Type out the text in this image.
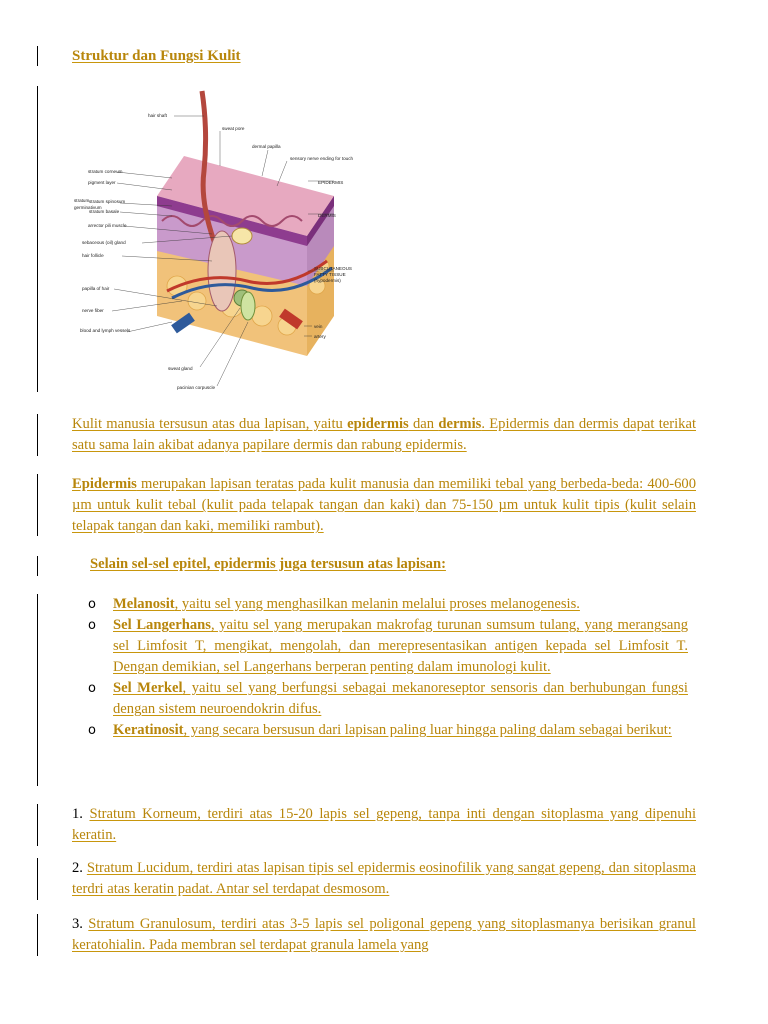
Struktur dan Fungsi Kulit
hair shaft
sweat pore
dermal papilla
sensory nerve ending for touch
stratum corneum
pigment layer
stratum
germinativum
stratum spinosum
stratum basale
arrector pili muscle
sebaceous (oil) gland
hair follicle
papilla of hair
nerve fiber
blood and lymph vessels
sweat gland
pacinian corpuscle
EPIDERMIS
DERMIS
SUBCUTANEOUS
FATTY TISSUE
(hypodermis)
vein
artery
Kulit manusia tersusun atas dua lapisan, yaitu epidermis dan dermis. Epidermis dan dermis dapat terikat satu sama lain akibat adanya papilare dermis dan rabung epidermis.
Epidermis merupakan lapisan teratas pada kulit manusia dan memiliki tebal yang berbeda-beda: 400-600 µm untuk kulit tebal (kulit pada telapak tangan dan kaki) dan 75-150 µm untuk kulit tipis (kulit selain telapak tangan dan kaki, memiliki rambut).
Selain sel-sel epitel, epidermis juga tersusun atas lapisan:
o Melanosit, yaitu sel yang menghasilkan melanin melalui proses melanogenesis.
o Sel Langerhans, yaitu sel yang merupakan makrofag turunan sumsum tulang, yang merangsang sel Limfosit T, mengikat, mengolah, dan merepresentasikan antigen kepada sel Limfosit T. Dengan demikian, sel Langerhans berperan penting dalam imunologi kulit.
o Sel Merkel, yaitu sel yang berfungsi sebagai mekanoreseptor sensoris dan berhubungan fungsi dengan sistem neuroendokrin difus.
o Keratinosit, yang secara bersusun dari lapisan paling luar hingga paling dalam sebagai berikut:
1. Stratum Korneum, terdiri atas 15-20 lapis sel gepeng, tanpa inti dengan sitoplasma yang dipenuhi keratin.
2. Stratum Lucidum, terdiri atas lapisan tipis sel epidermis eosinofilik yang sangat gepeng, dan sitoplasma terdri atas keratin padat. Antar sel terdapat desmosom.
3. Stratum Granulosum, terdiri atas 3-5 lapis sel poligonal gepeng yang sitoplasmanya berisikan granul keratohialin. Pada membran sel terdapat granula lamela yang
